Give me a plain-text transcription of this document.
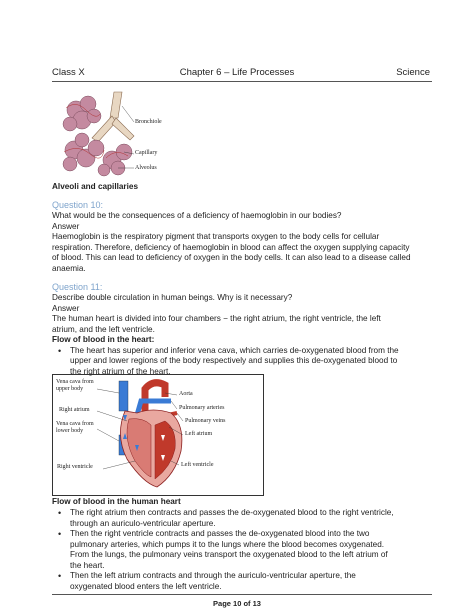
Class X	Chapter 6 – Life Processes	Science
Bronchiole
Capillary
Alveolus
Alveoli and capillaries
Question 10:
What would be the consequences of a deficiency of haemoglobin in our bodies?
Answer
Haemoglobin is the respiratory pigment that transports oxygen to the body cells for cellular
respiration. Therefore, deficiency of haemoglobin in blood can affect the oxygen supplying capacity
of blood. This can lead to deficiency of oxygen in the body cells. It can also lead to a disease called
anaemia.
Question 11:
Describe double circulation in human beings. Why is it necessary?
Answer
The human heart is divided into four chambers − the right atrium, the right ventricle, the left
atrium, and the left ventricle.
Flow of blood in the heart:
• The heart has superior and inferior vena cava, which carries de-oxygenated blood from the
upper and lower regions of the body respectively and supplies this de-oxygenated blood to
the right atrium of the heart.
Vena cava from
upper body
Right atrium
Vena cava from
lower body
Right ventricle
Aorta
Pulmonary arteries
Pulmonary veins
Left atrium
Left ventricle
Flow of blood in the human heart
• The right atrium then contracts and passes the de-oxygenated blood to the right ventricle,
through an auriculo-ventricular aperture.
• Then the right ventricle contracts and passes the de-oxygenated blood into the two
pulmonary arteries, which pumps it to the lungs where the blood becomes oxygenated.
From the lungs, the pulmonary veins transport the oxygenated blood to the left atrium of
the heart.
• Then the left atrium contracts and through the auriculo-ventricular aperture, the
oxygenated blood enters the left ventricle.
Page 10 of 13
